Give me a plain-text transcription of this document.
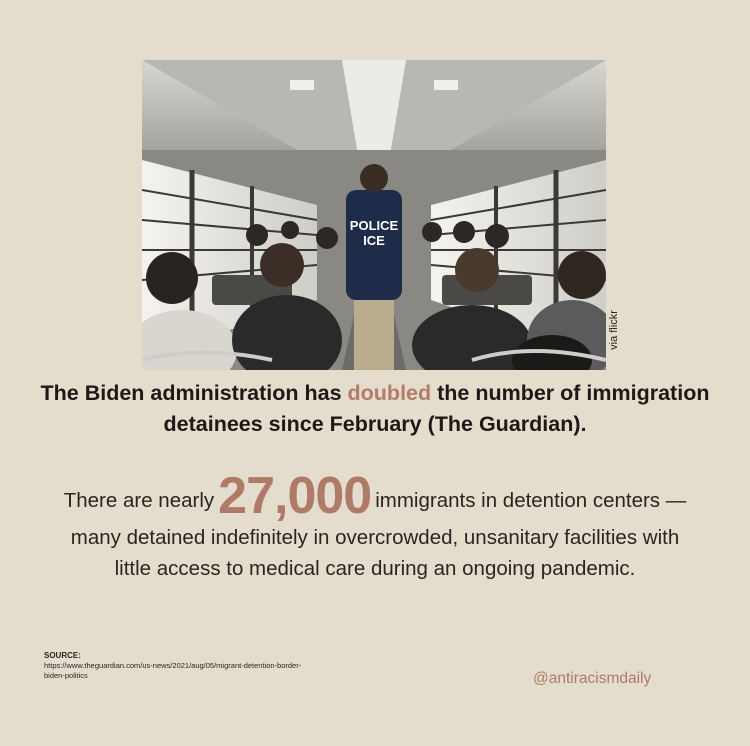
POLICE
ICE
via flickr
The Biden administration has doubled the number of immigration detainees since February (The Guardian).
There are nearly27,000 immigrants in detention centers — many detained indefinitely in overcrowded, unsanitary facilities with little access to medical care during an ongoing pandemic.
SOURCE:
https://www.theguardian.com/us-news/2021/aug/05/migrant-detention-border-biden-politics	@antiracismdaily
